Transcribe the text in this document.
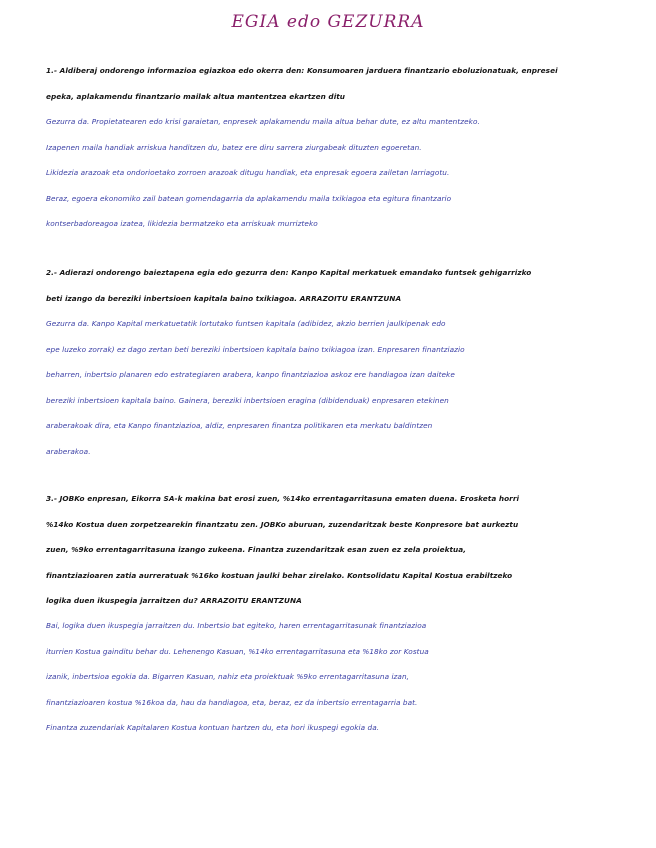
EGIA edo GEZURRA
1.- Aldiberaj ondorengo informazioa egiazkoa edo okerra den: Konsumoaren jarduera finantzario eboluzionatuak, enpresei
epeka, aplakamendu finantzario mailak altua mantentzea ekartzen ditu
Gezurra da. Propietatearen edo krisi garaietan, enpresek aplakamendu maila altua behar dute, ez altu mantentzeko.
Izapenen maila handiak arriskua handitzen du, batez ere diru sarrera ziurgabeak dituzten egoeretan.
Likidezia arazoak eta ondorioetako zorroen arazoak ditugu handiak, eta enpresak egoera zailetan larriagotu.
Beraz, egoera ekonomiko zail batean gomendagarria da aplakamendu maila txikiagoa eta egitura finantzario
kontserbadoreagoa izatea, likidezia bermatzeko eta arriskuak murrizteko
2.- Adierazi ondorengo baieztapena egia edo gezurra den: Kanpo Kapital merkatuek emandako funtsek gehigarrizko
beti izango da bereziki inbertsioen kapitala baino txikiagoa. ARRAZOITU ERANTZUNA
Gezurra da. Kanpo Kapital merkatuetatik lortutako funtsen kapitala (adibidez, akzio berrien jaulkipenak edo
epe luzeko zorrak) ez dago zertan beti bereziki inbertsioen kapitala baino txikiagoa izan. Enpresaren finantziazio
beharren, inbertsio planaren edo estrategiaren arabera, kanpo finantziazioa askoz ere handiagoa izan daiteke
bereziki inbertsioen kapitala baino. Gainera, bereziki inbertsioen eragina (dibidenduak) enpresaren etekinen
araberakoak dira, eta Kanpo finantziazioa, aldiz, enpresaren finantza politikaren eta merkatu baldintzen
araberakoa.
3.- JOBKo enpresan, Eikorra SA-k makina bat erosi zuen, %14ko errentagarritasuna ematen duena. Erosketa horri
%14ko Kostua duen zorpetzearekin finantzatu zen. JOBKo aburuan, zuzendaritzak beste Konpresore bat aurkeztu
zuen, %9ko errentagarritasuna izango zukeena. Finantza zuzendaritzak esan zuen ez zela proiektua,
finantziazioaren zatia aurreratuak %16ko kostuan jaulki behar zirelako. Kontsolidatu Kapital Kostua erabiltzeko
logika duen ikuspegia jarraitzen du? ARRAZOITU ERANTZUNA
Bai, logika duen ikuspegia jarraitzen du. Inbertsio bat egiteko, haren errentagarritasunak finantziazioa
iturrien Kostua gainditu behar du. Lehenengo Kasuan, %14ko errentagarritasuna eta %18ko zor Kostua
izanik, inbertsioa egokia da. Bigarren Kasuan, nahiz eta proiektuak %9ko errentagarritasuna izan,
finantziazioaren kostua %16koa da, hau da handiagoa, eta, beraz, ez da inbertsio errentagarria bat.
Finantza zuzendariak Kapitalaren Kostua kontuan hartzen du, eta hori ikuspegi egokia da.
